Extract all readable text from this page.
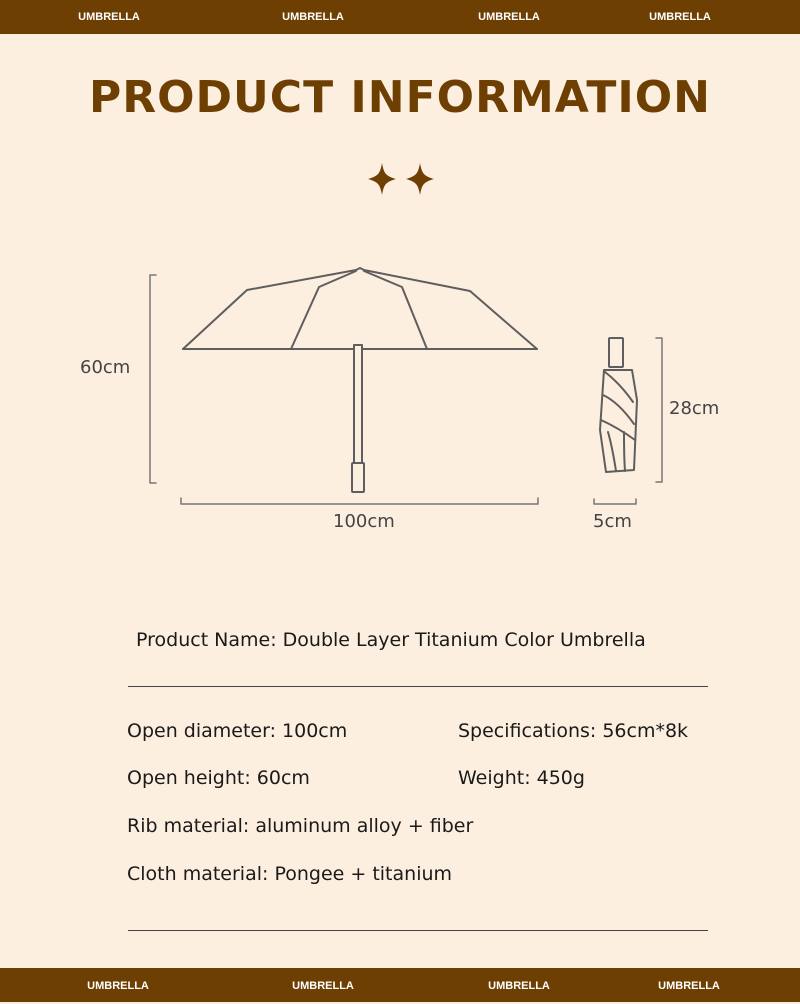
UMBRELLA	UMBRELLA	UMBRELLA	UMBRELLA
PRODUCT INFORMATION
60cm
100cm
28cm
5cm
Product Name: Double Layer Titanium Color Umbrella
Open diameter: 100cm	Specifications: 56cm*8k
Open height: 60cm	Weight: 450g
Rib material: aluminum alloy + fiber
Cloth material: Pongee + titanium
UMBRELLA	UMBRELLA	UMBRELLA	UMBRELLA
